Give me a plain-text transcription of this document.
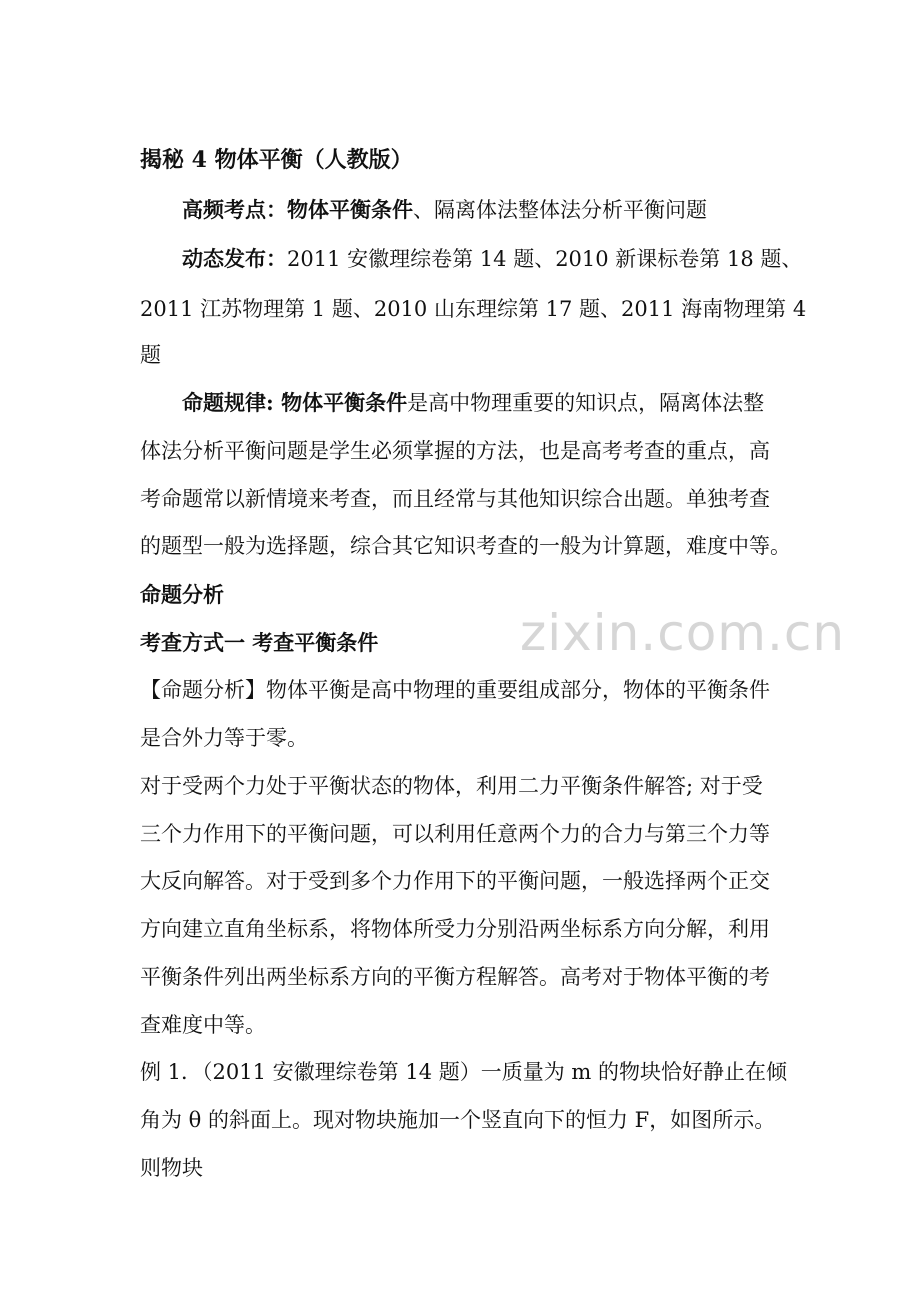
揭秘 4 物体平衡（人教版）
高频考点：物体平衡条件、隔离体法整体法分析平衡问题
动态发布：2011 安徽理综卷第 14 题、2010 新课标卷第 18 题、
2011 江苏物理第 1 题、2010 山东理综第 17 题、2011 海南物理第 4
题
命题规律: 物体平衡条件是高中物理重要的知识点，隔离体法整
体法分析平衡问题是学生必须掌握的方法，也是高考考查的重点，高
考命题常以新情境来考查，而且经常与其他知识综合出题。单独考查
的题型一般为选择题，综合其它知识考查的一般为计算题，难度中等。
命题分析
考查方式一 考查平衡条件
【命题分析】物体平衡是高中物理的重要组成部分，物体的平衡条件
是合外力等于零。
对于受两个力处于平衡状态的物体，利用二力平衡条件解答; 对于受
三个力作用下的平衡问题，可以利用任意两个力的合力与第三个力等
大反向解答。对于受到多个力作用下的平衡问题，一般选择两个正交
方向建立直角坐标系，将物体所受力分别沿两坐标系方向分解，利用
平衡条件列出两坐标系方向的平衡方程解答。高考对于物体平衡的考
查难度中等。
例 1．（2011 安徽理综卷第 14 题）一质量为 m 的物块恰好静止在倾
角为 θ 的斜面上。现对物块施加一个竖直向下的恒力 F，如图所示。
则物块
zixin.com.cn
